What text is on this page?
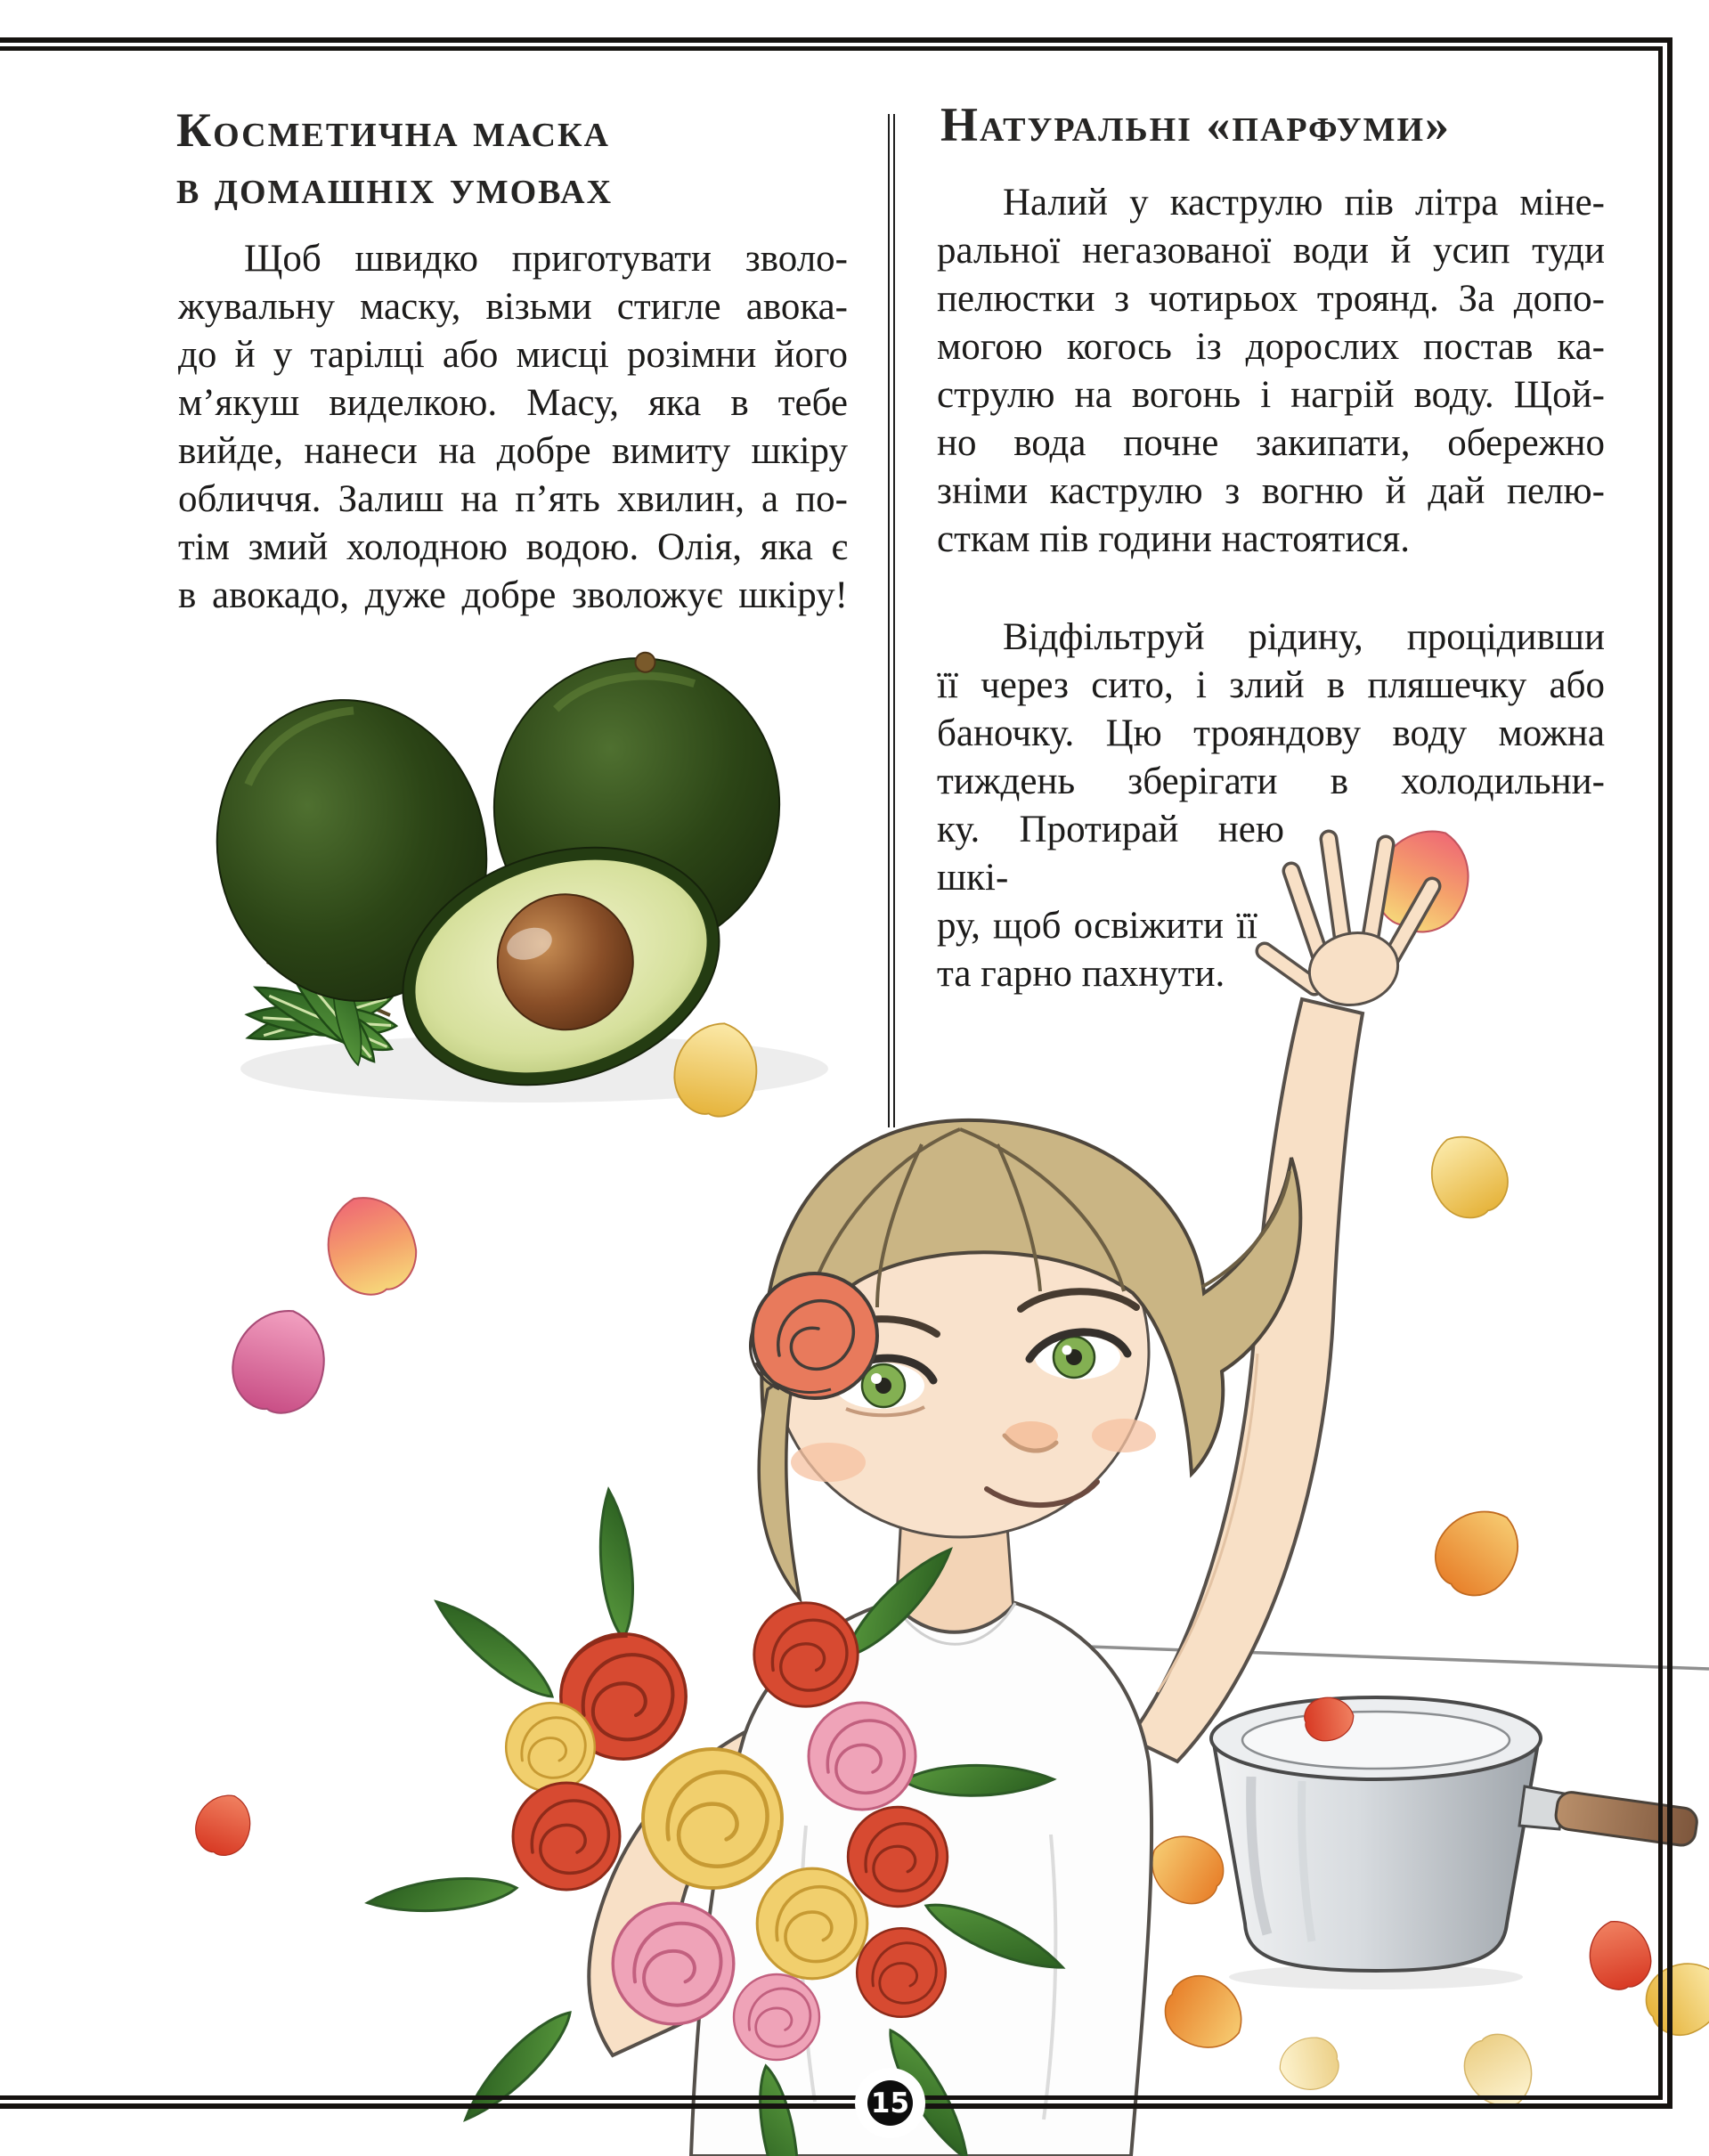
Косметична маска
в домашніх умовах
Щоб швидко приготувати зволо-
жувальну маску, візьми стигле авока-
до й у тарілці або мисці розімни його
м’якуш виделкою. Масу, яка в тебе
вийде, нанеси на добре вимиту шкіру
обличчя. Залиш на п’ять хвилин, а по-
тім змий холодною водою. Олія, яка є
в авокадо, дуже добре зволожує шкіру!
Натуральні «парфуми»
Налий у каструлю пів літра міне-
ральної негазованої води й усип туди
пелюстки з чотирьох троянд. За допо-
могою когось із дорослих постав ка-
струлю на вогонь і нагрій воду. Щой-
но вода почне закипати, обережно
зніми каструлю з вогню й дай пелю-
сткам пів години настоятися.
Відфільтруй рідину, процідивши
її через сито, і злий в пляшечку або
баночку. Цю трояндову воду можна
тиждень зберігати в холодильни-
ку. Протирай нею шкі-
ру, щоб освіжити її
та гарно пахнути.
15
